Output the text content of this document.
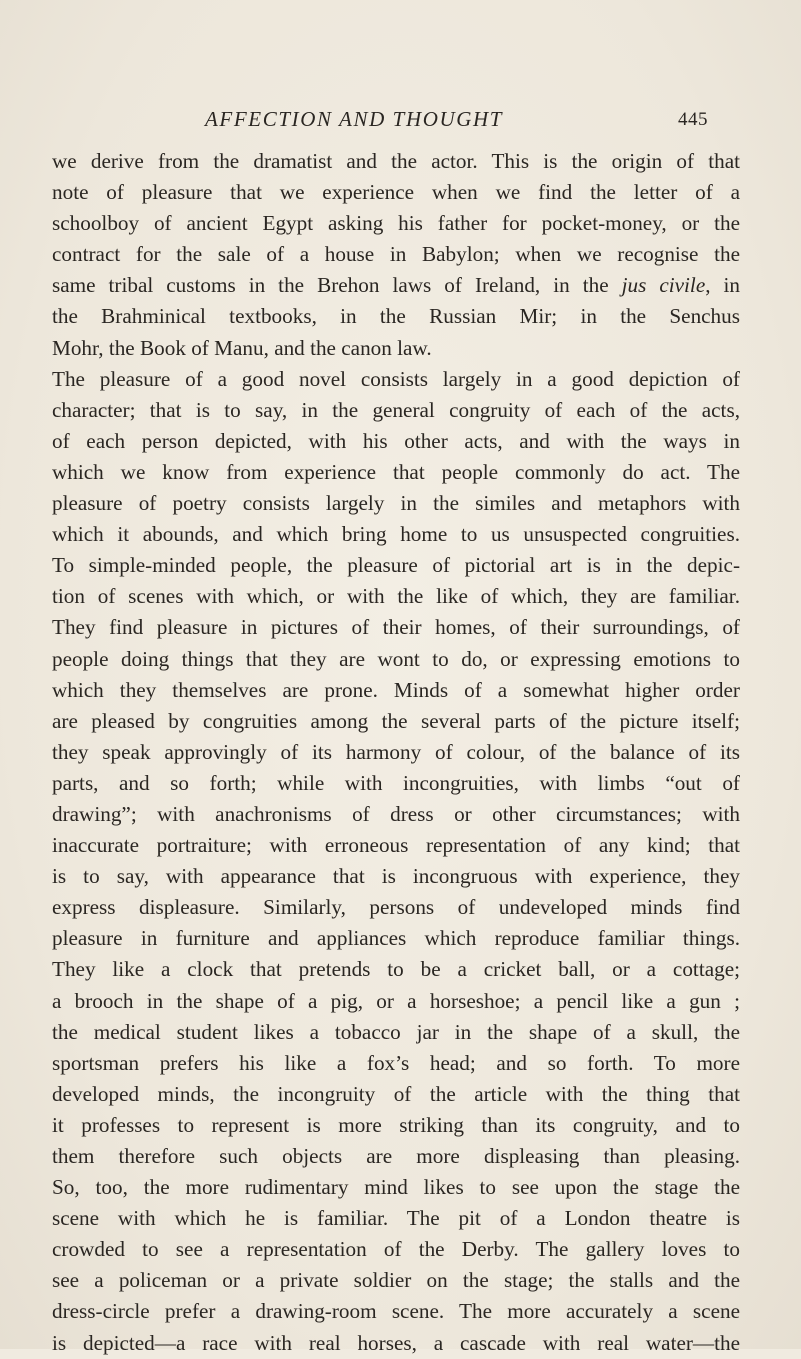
AFFECTION AND THOUGHT	445
we derive from the dramatist and the actor. This is the origin of that
note of pleasure that we experience when we find the letter of a
schoolboy of ancient Egypt asking his father for pocket-money, or the
contract for the sale of a house in Babylon; when we recognise the
same tribal customs in the Brehon laws of Ireland, in the jus civile, in
the Brahminical textbooks, in the Russian Mir; in the Senchus
Mohr, the Book of Manu, and the canon law.
The pleasure of a good novel consists largely in a good depiction of
character; that is to say, in the general congruity of each of the acts,
of each person depicted, with his other acts, and with the ways in
which we know from experience that people commonly do act. The
pleasure of poetry consists largely in the similes and metaphors with
which it abounds, and which bring home to us unsuspected congruities.
To simple-minded people, the pleasure of pictorial art is in the depic-
tion of scenes with which, or with the like of which, they are familiar.
They find pleasure in pictures of their homes, of their surroundings, of
people doing things that they are wont to do, or expressing emotions to
which they themselves are prone. Minds of a somewhat higher order
are pleased by congruities among the several parts of the picture itself;
they speak approvingly of its harmony of colour, of the balance of its
parts, and so forth; while with incongruities, with limbs “out of
drawing”; with anachronisms of dress or other circumstances; with
inaccurate portraiture; with erroneous representation of any kind; that
is to say, with appearance that is incongruous with experience, they
express displeasure. Similarly, persons of undeveloped minds find
pleasure in furniture and appliances which reproduce familiar things.
They like a clock that pretends to be a cricket ball, or a cottage;
a brooch in the shape of a pig, or a horseshoe; a pencil like a gun ;
the medical student likes a tobacco jar in the shape of a skull, the
sportsman prefers his like a fox’s head; and so forth. To more
developed minds, the incongruity of the article with the thing that
it professes to represent is more striking than its congruity, and to
them therefore such objects are more displeasing than pleasing.
So, too, the more rudimentary mind likes to see upon the stage the
scene with which he is familiar. The pit of a London theatre is
crowded to see a representation of the Derby. The gallery loves to
see a policeman or a private soldier on the stage; the stalls and the
dress-circle prefer a drawing-room scene. The more accurately a scene
is depicted—a race with real horses, a cascade with real water—the
